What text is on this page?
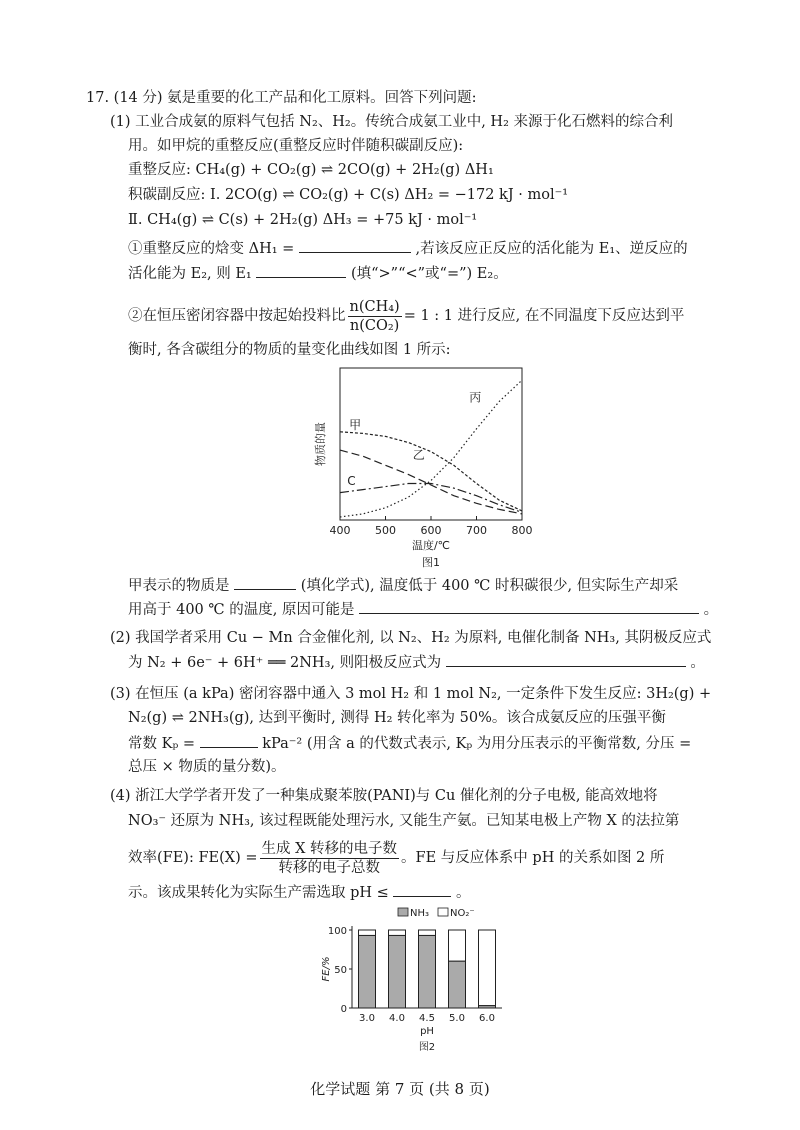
17. (14 分) 氨是重要的化工产品和化工原料。回答下列问题:
(1) 工业合成氨的原料气包括 N₂、H₂。传统合成氨工业中, H₂ 来源于化石燃料的综合利
用。如甲烷的重整反应(重整反应时伴随积碳副反应):
重整反应: CH₄(g) + CO₂(g) ⇌ 2CO(g) + 2H₂(g) ΔH₁
积碳副反应: Ⅰ. 2CO(g) ⇌ CO₂(g) + C(s) ΔH₂ = −172 kJ · mol⁻¹
Ⅱ. CH₄(g) ⇌ C(s) + 2H₂(g) ΔH₃ = +75 kJ · mol⁻¹
①重整反应的焓变 ΔH₁ =	,若该反应正反应的活化能为 E₁、逆反应的
活化能为 E₂, 则 E₁	(填“>”“<”或“=”) E₂。
②在恒压密闭容器中按起始投料比 $\frac{\text{n(CH₄)}}{\text{n(CO₂)}} = 1$ : 1 进行反应, 在不同温度下反应达到平
衡时, 各含碳组分的物质的量变化曲线如图 1 所示:
400 500 600 700 800
温度/℃
物质的量 甲
乙
丙
C
图1
甲表示的物质是	(填化学式), 温度低于 400 ℃ 时积碳很少, 但实际生产却采
用高于 400 ℃ 的温度, 原因可能是	。
(2) 我国学者采用 Cu − Mn 合金催化剂, 以 N₂、H₂ 为原料, 电催化制备 NH₃, 其阴极反应式
为 N₂ + 6e⁻ + 6H⁺ ══ 2NH₃, 则阳极反应式为	。
(3) 在恒压 (a kPa) 密闭容器中通入 3 mol H₂ 和 1 mol N₂, 一定条件下发生反应: 3H₂(g) +
N₂(g) ⇌ 2NH₃(g), 达到平衡时, 测得 H₂ 转化率为 50%。该合成氨反应的压强平衡
常数 Kₚ =	kPa⁻² (用含 a 的代数式表示, Kₚ 为用分压表示的平衡常数, 分压 =
总压 × 物质的量分数)。
(4) 浙江大学学者开发了一种集成聚苯胺(PANI)与 Cu 催化剂的分子电极, 能高效地将
NO₃⁻ 还原为 NH₃, 该过程既能处理污水, 又能生产氨。已知某电极上产物 X 的法拉第
效率(FE): $FE(X) = \frac{\text{生成 X 转移的电子数}}{\text{转移的电子总数}}$ 。FE 与反应体系中 pH 的关系如图 2 所
示。该成果转化为实际生产需选取 pH ≤	。
NH₃ NO₂⁻
0
50
100
FE/%
3.0 4.0 4.5 5.0 6.0
pH
图2
化学试题 第 7 页 (共 8 页)
